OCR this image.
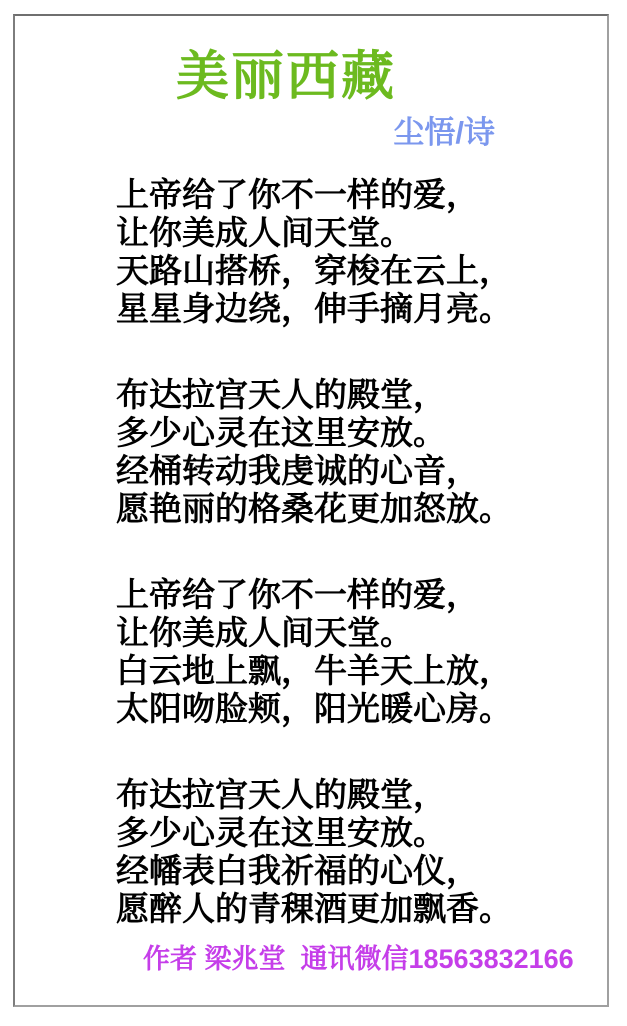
美丽西藏
尘悟/诗
上帝给了你不一样的爱，
让你美成人间天堂。
天路山搭桥，穿梭在云上，
星星身边绕，伸手摘月亮。
布达拉宫天人的殿堂，
多少心灵在这里安放。
经桶转动我虔诚的心音，
愿艳丽的格桑花更加怒放。
上帝给了你不一样的爱，
让你美成人间天堂。
白云地上飘，牛羊天上放，
太阳吻脸颊，阳光暖心房。
布达拉宫天人的殿堂，
多少心灵在这里安放。
经幡表白我祈福的心仪，
愿醉人的青稞酒更加飘香。
作者 梁兆堂  通讯微信18563832166
